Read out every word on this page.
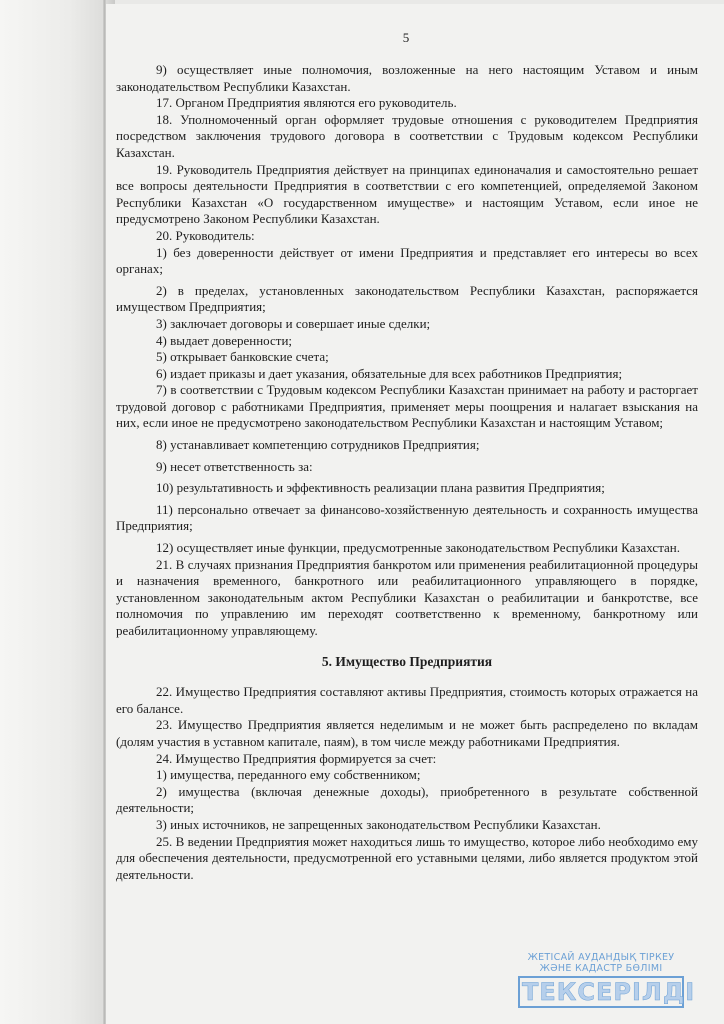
5

9) осуществляет иные полномочия, возложенные на него настоящим Уставом и иным законодательством Республики Казахстан.

17. Органом Предприятия являются его руководитель.

18. Уполномоченный орган оформляет трудовые отношения с руководителем Предприятия посредством заключения трудового договора в соответствии с Трудовым кодексом Республики Казахстан.

19. Руководитель Предприятия действует на принципах единоначалия и самостоятельно решает все вопросы деятельности Предприятия в соответствии с его компетенцией, определяемой Законом Республики Казахстан «О государственном имуществе» и настоящим Уставом, если иное не предусмотрено Законом Республики Казахстан.

20. Руководитель:

1) без доверенности действует от имени Предприятия и представляет его интересы во всех органах;

2) в пределах, установленных законодательством Республики Казахстан, распоряжается имуществом Предприятия;

3) заключает договоры и совершает иные сделки;

4) выдает доверенности;

5) открывает банковские счета;

6) издает приказы и дает указания, обязательные для всех работников Предприятия;

7) в соответствии с Трудовым кодексом Республики Казахстан принимает на работу и расторгает трудовой договор с работниками Предприятия, применяет меры поощрения и налагает взыскания на них, если иное не предусмотрено законодательством Республики Казахстан и настоящим Уставом;

8) устанавливает компетенцию сотрудников Предприятия;

9) несет ответственность за:

10) результативность и эффективность реализации плана развития Предприятия;

11) персонально отвечает за финансово-хозяйственную деятельность и сохранность имущества Предприятия;

12) осуществляет иные функции, предусмотренные законодательством Республики Казахстан.

21. В случаях признания Предприятия банкротом или применения реабилитационной процедуры и назначения временного, банкротного или реабилитационного управляющего в порядке, установленном законодательным актом Республики Казахстан о реабилитации и банкротстве, все полномочия по управлению им переходят соответственно к временному, банкротному или реабилитационному управляющему.

5. Имущество Предприятия

22. Имущество Предприятия составляют активы Предприятия, стоимость которых отражается на его балансе.

23. Имущество Предприятия является неделимым и не может быть распределено по вкладам (долям участия в уставном капитале, паям), в том числе между работниками Предприятия.

24. Имущество Предприятия формируется за счет:

1) имущества, переданного ему собственником;

2) имущества (включая денежные доходы), приобретенного в результате собственной деятельности;

3) иных источников, не запрещенных законодательством Республики Казахстан.

25. В ведении Предприятия может находиться лишь то имущество, которое либо необходимо ему для обеспечения деятельности, предусмотренной его уставными целями, либо является продуктом этой деятельности.

ЖЕТІСАЙ АУДАНДЫҚ ТІРКЕУ
ЖӘНЕ КАДАСТР БӨЛІМІ
ТЕКСЕРІЛДІ
